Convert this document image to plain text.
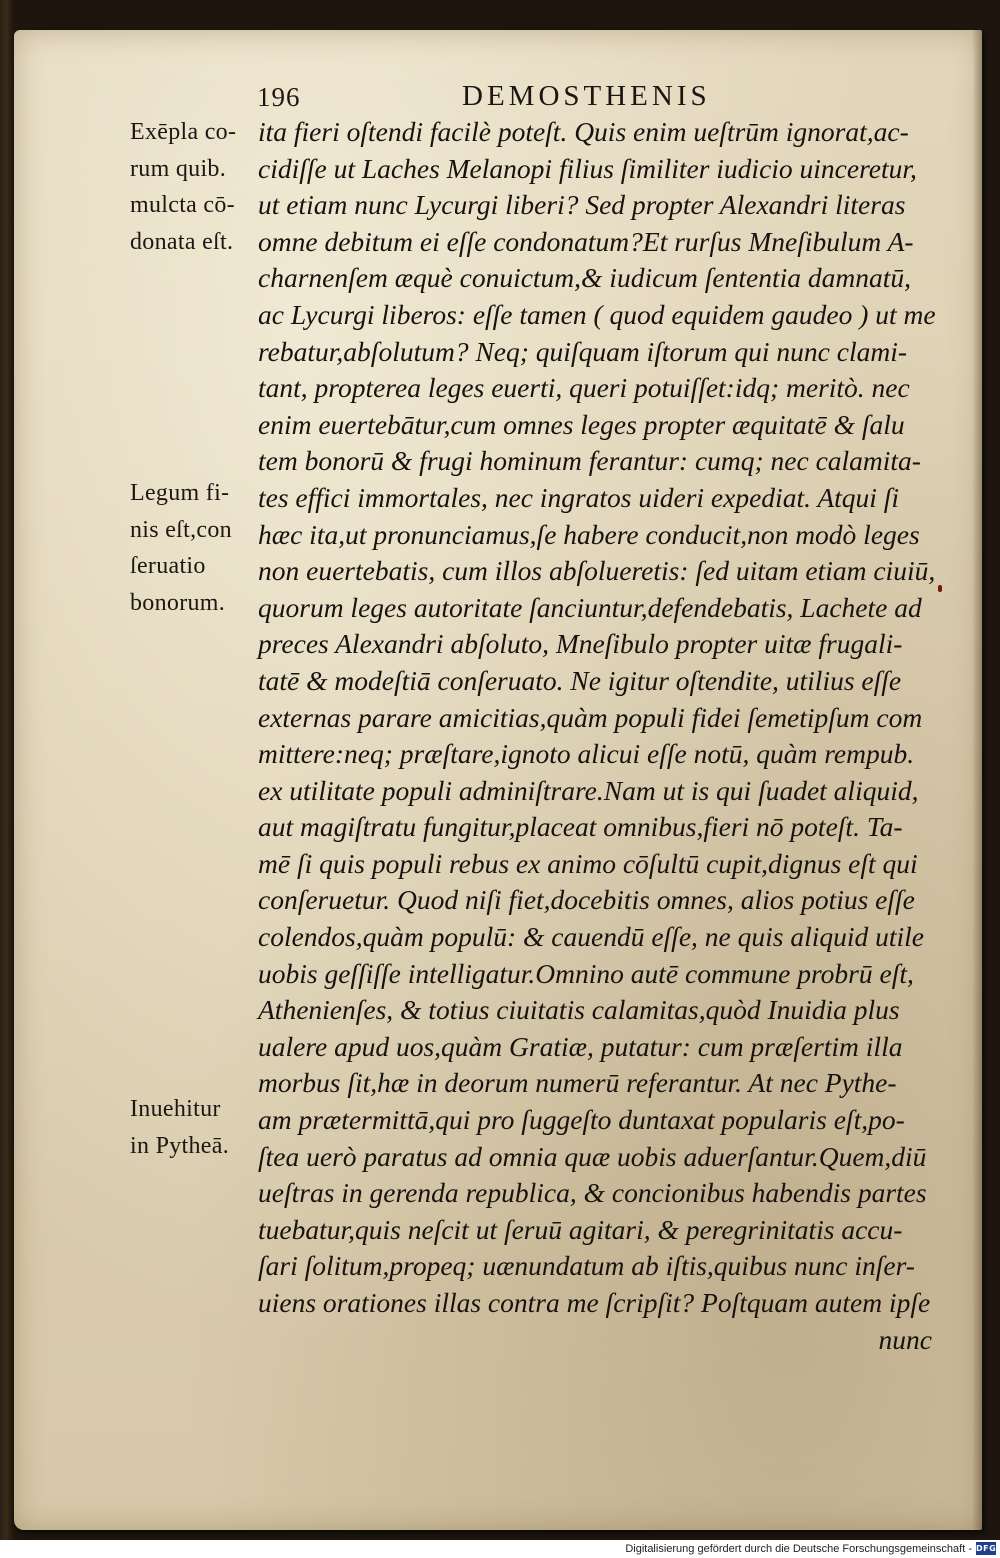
196	DEMOSTHENIS
Exēpla co-
rum quib.
mulcta cō-
donata eſt.
Legum fi-
nis eſt,con
ſeruatio
bonorum.
Inuehitur
in Pytheā.
ita fieri oſtendi facilè poteſt. Quis enim ueſtrūm ignorat,ac-
cidiſſe ut Laches Melanopi filius ſimiliter iudicio uinceretur,
ut etiam nunc Lycurgi liberi? Sed propter Alexandri literas
omne debitum ei eſſe condonatum?Et rurſus Mneſibulum A-
charnenſem æquè conuictum,& iudicum ſententia damnatū,
ac Lycurgi liberos: eſſe tamen ( quod equidem gaudeo ) ut me
rebatur,abſolutum? Neq; quiſquam iſtorum qui nunc clami-
tant, propterea leges euerti, queri potuiſſet:idq; meritò. nec
enim euertebātur,cum omnes leges propter æquitatē & ſalu
tem bonorū & frugi hominum ferantur: cumq; nec calamita-
tes effici immortales, nec ingratos uideri expediat. Atqui ſi
hæc ita,ut pronunciamus,ſe habere conducit,non modò leges
non euertebatis, cum illos abſolueretis: ſed uitam etiam ciuiū,
quorum leges autoritate ſanciuntur,defendebatis, Lachete ad
preces Alexandri abſoluto, Mneſibulo propter uitæ frugali-
tatē & modeſtiā conſeruato. Ne igitur oſtendite, utilius eſſe
externas parare amicitias,quàm populi fidei ſemetipſum com
mittere:neq; præſtare,ignoto alicui eſſe notū, quàm rempub.
ex utilitate populi adminiſtrare.Nam ut is qui ſuadet aliquid,
aut magiſtratu fungitur,placeat omnibus,fieri nō poteſt. Ta-
mē ſi quis populi rebus ex animo cōſultū cupit,dignus eſt qui
conſeruetur. Quod niſi fiet,docebitis omnes, alios potius eſſe
colendos,quàm populū: & cauendū eſſe, ne quis aliquid utile
uobis geſſiſſe intelligatur.Omnino autē commune probrū eſt,
Athenienſes, & totius ciuitatis calamitas,quòd Inuidia plus
ualere apud uos,quàm Gratiæ, putatur: cum præſertim illa
morbus ſit,hæ in deorum numerū referantur. At nec Pythe-
am prætermittā,qui pro ſuggeſto duntaxat popularis eſt,po-
ſtea uerò paratus ad omnia quæ uobis aduerſantur.Quem,diū
ueſtras in gerenda republica, & concionibus habendis partes
tuebatur,quis neſcit ut ſeruū agitari, & peregrinitatis accu-
ſari ſolitum,propeq; uænundatum ab iſtis,quibus nunc inſer-
uiens orationes illas contra me ſcripſit? Poſtquam autem ipſe
nunc
Digitalisierung gefördert durch die Deutsche Forschungsgemeinschaft - DFG
